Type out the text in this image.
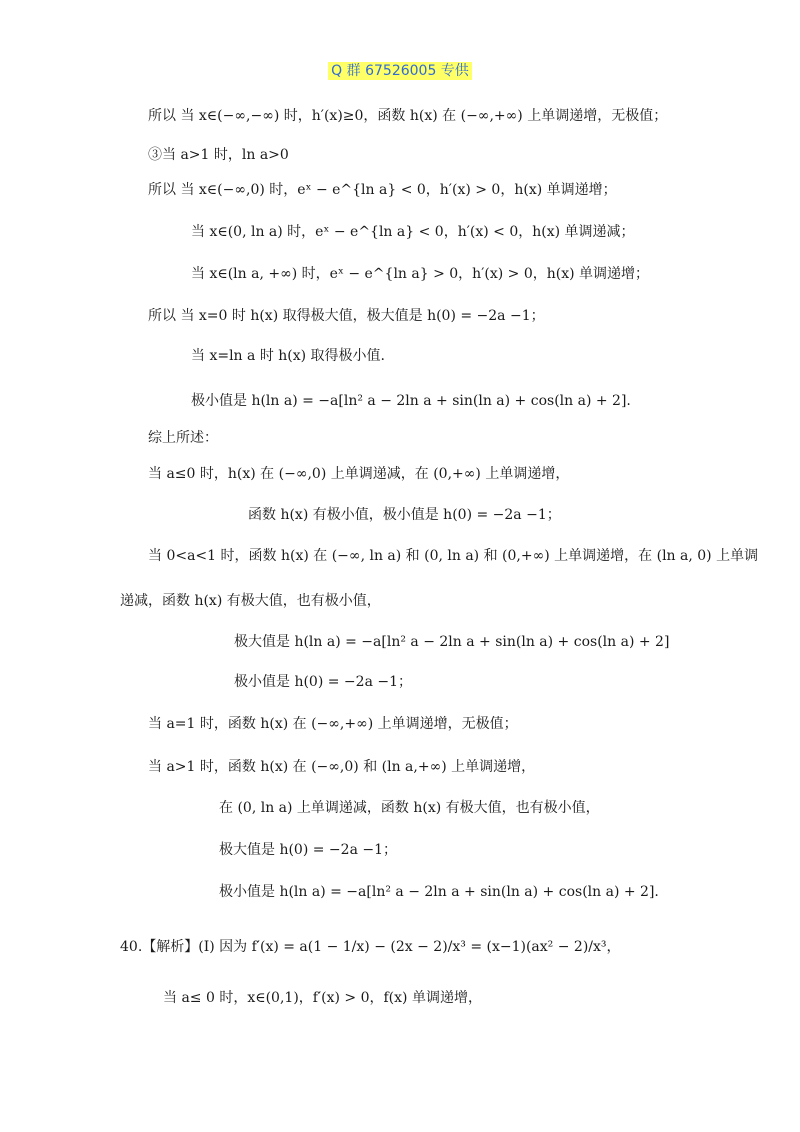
Q 群 67526005 专供
所以 当 x∈(−∞,−∞) 时，h′(x)≥0，函数 h(x) 在 (−∞,+∞) 上单调递增，无极值；
③当 a>1 时，ln a>0
所以 当 x∈(−∞,0) 时，eˣ − e^{ln a} < 0，h′(x) > 0，h(x) 单调递增；
当 x∈(0, ln a) 时，eˣ − e^{ln a} < 0，h′(x) < 0，h(x) 单调递减；
当 x∈(ln a, +∞) 时，eˣ − e^{ln a} > 0，h′(x) > 0，h(x) 单调递增；
所以 当 x=0 时 h(x) 取得极大值，极大值是 h(0) = −2a −1；
当 x=ln a 时 h(x) 取得极小值.
极小值是 h(ln a) = −a[ln² a − 2ln a + sin(ln a) + cos(ln a) + 2].
综上所述：
当 a≤0 时，h(x) 在 (−∞,0) 上单调递减，在 (0,+∞) 上单调递增，
函数 h(x) 有极小值，极小值是 h(0) = −2a −1；
当 0<a<1 时，函数 h(x) 在 (−∞, ln a) 和 (0, ln a) 和 (0,+∞) 上单调递增，在 (ln a, 0) 上单调
递减，函数 h(x) 有极大值，也有极小值，
极大值是 h(ln a) = −a[ln² a − 2ln a + sin(ln a) + cos(ln a) + 2]
极小值是 h(0) = −2a −1；
当 a=1 时，函数 h(x) 在 (−∞,+∞) 上单调递增，无极值；
当 a>1 时，函数 h(x) 在 (−∞,0) 和 (ln a,+∞) 上单调递增，
在 (0, ln a) 上单调递减，函数 h(x) 有极大值，也有极小值，
极大值是 h(0) = −2a −1；
极小值是 h(ln a) = −a[ln² a − 2ln a + sin(ln a) + cos(ln a) + 2].
40.【解析】(I) 因为 f′(x) = a(1 − 1/x) − (2x − 2)/x³ = (x−1)(ax² − 2)/x³，
当 a≤ 0 时，x∈(0,1)，f′(x) > 0，f(x) 单调递增，
